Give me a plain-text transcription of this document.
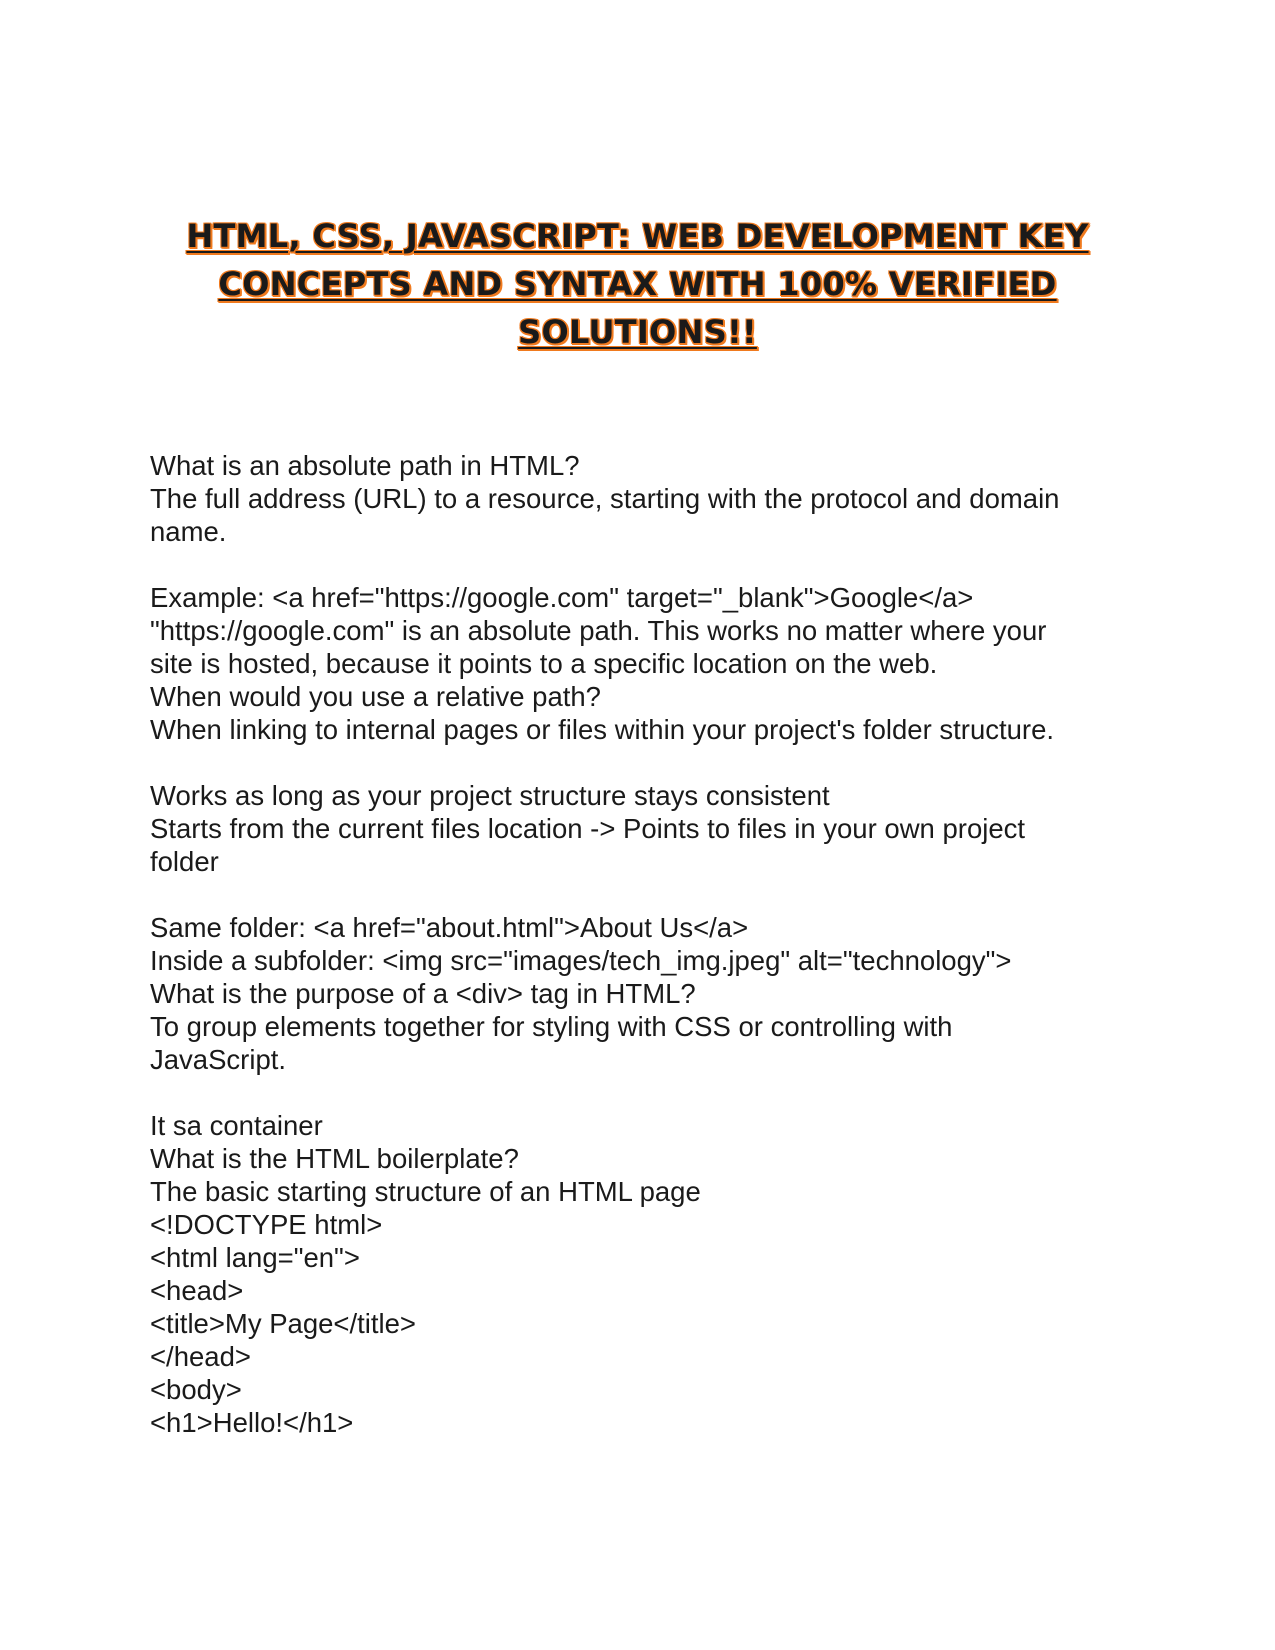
HTML, CSS, JAVASCRIPT: WEB DEVELOPMENT KEY
CONCEPTS AND SYNTAX WITH 100% VERIFIED
SOLUTIONS!!
What is an absolute path in HTML?
The full address (URL) to a resource, starting with the protocol and domain
name.
Example: <a href="https://google.com" target="_blank">Google</a>
"https://google.com" is an absolute path. This works no matter where your
site is hosted, because it points to a specific location on the web.
When would you use a relative path?
When linking to internal pages or files within your project's folder structure.
Works as long as your project structure stays consistent
Starts from the current files location -> Points to files in your own project
folder
Same folder: <a href="about.html">About Us</a>
Inside a subfolder: <img src="images/tech_img.jpeg" alt="technology">
What is the purpose of a <div> tag in HTML?
To group elements together for styling with CSS or controlling with
JavaScript.
It sa container
What is the HTML boilerplate?
The basic starting structure of an HTML page
<!DOCTYPE html>
<html lang="en">
<head>
<title>My Page</title>
</head>
<body>
<h1>Hello!</h1>
